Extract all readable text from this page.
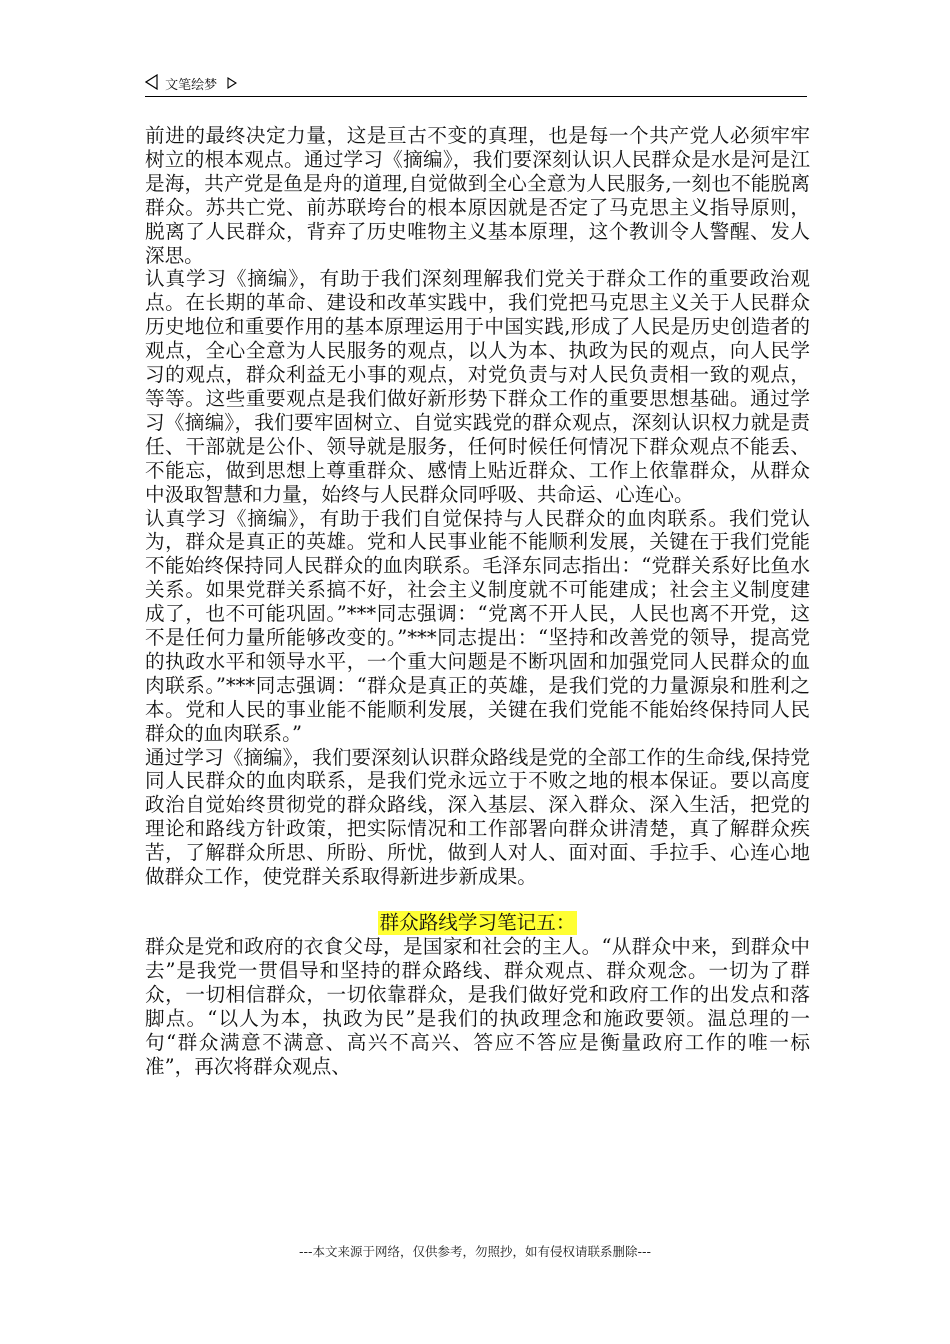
文笔绘梦

前进的最终决定力量，这是亘古不变的真理，也是每一个共产党人必须牢牢树立的根本观点。通过学习《摘编》，我们要深刻认识人民群众是水是河是江是海，共产党是鱼是舟的道理,自觉做到全心全意为人民服务,一刻也不能脱离群众。苏共亡党、前苏联垮台的根本原因就是否定了马克思主义指导原则，脱离了人民群众，背弃了历史唯物主义基本原理，这个教训令人警醒、发人深思。

认真学习《摘编》，有助于我们深刻理解我们党关于群众工作的重要政治观点。在长期的革命、建设和改革实践中，我们党把马克思主义关于人民群众历史地位和重要作用的基本原理运用于中国实践,形成了人民是历史创造者的观点，全心全意为人民服务的观点，以人为本、执政为民的观点，向人民学习的观点，群众利益无小事的观点，对党负责与对人民负责相一致的观点，等等。这些重要观点是我们做好新形势下群众工作的重要思想基础。通过学习《摘编》，我们要牢固树立、自觉实践党的群众观点，深刻认识权力就是责任、干部就是公仆、领导就是服务，任何时候任何情况下群众观点不能丢、不能忘，做到思想上尊重群众、感情上贴近群众、工作上依靠群众，从群众中汲取智慧和力量，始终与人民群众同呼吸、共命运、心连心。

认真学习《摘编》，有助于我们自觉保持与人民群众的血肉联系。我们党认为，群众是真正的英雄。党和人民事业能不能顺利发展，关键在于我们党能不能始终保持同人民群众的血肉联系。毛泽东同志指出：“党群关系好比鱼水关系。如果党群关系搞不好，社会主义制度就不可能建成；社会主义制度建成了，也不可能巩固。”***同志强调：“党离不开人民，人民也离不开党，这不是任何力量所能够改变的。”***同志提出：“坚持和改善党的领导，提高党的执政水平和领导水平，一个重大问题是不断巩固和加强党同人民群众的血肉联系。”***同志强调：“群众是真正的英雄，是我们党的力量源泉和胜利之本。党和人民的事业能不能顺利发展，关键在我们党能不能始终保持同人民群众的血肉联系。”

通过学习《摘编》，我们要深刻认识群众路线是党的全部工作的生命线,保持党同人民群众的血肉联系，是我们党永远立于不败之地的根本保证。要以高度政治自觉始终贯彻党的群众路线，深入基层、深入群众、深入生活，把党的理论和路线方针政策，把实际情况和工作部署向群众讲清楚，真了解群众疾苦，了解群众所思、所盼、所忧，做到人对人、面对面、手拉手、心连心地做群众工作，使党群关系取得新进步新成果。

群众路线学习笔记五：

群众是党和政府的衣食父母，是国家和社会的主人。“从群众中来，到群众中去”是我党一贯倡导和坚持的群众路线、群众观点、群众观念。一切为了群众，一切相信群众，一切依靠群众，是我们做好党和政府工作的出发点和落脚点。“以人为本，执政为民”是我们的执政理念和施政要领。温总理的一句“群众满意不满意、高兴不高兴、答应不答应是衡量政府工作的唯一标准”，再次将群众观点、

---本文来源于网络，仅供参考，勿照抄，如有侵权请联系删除---
